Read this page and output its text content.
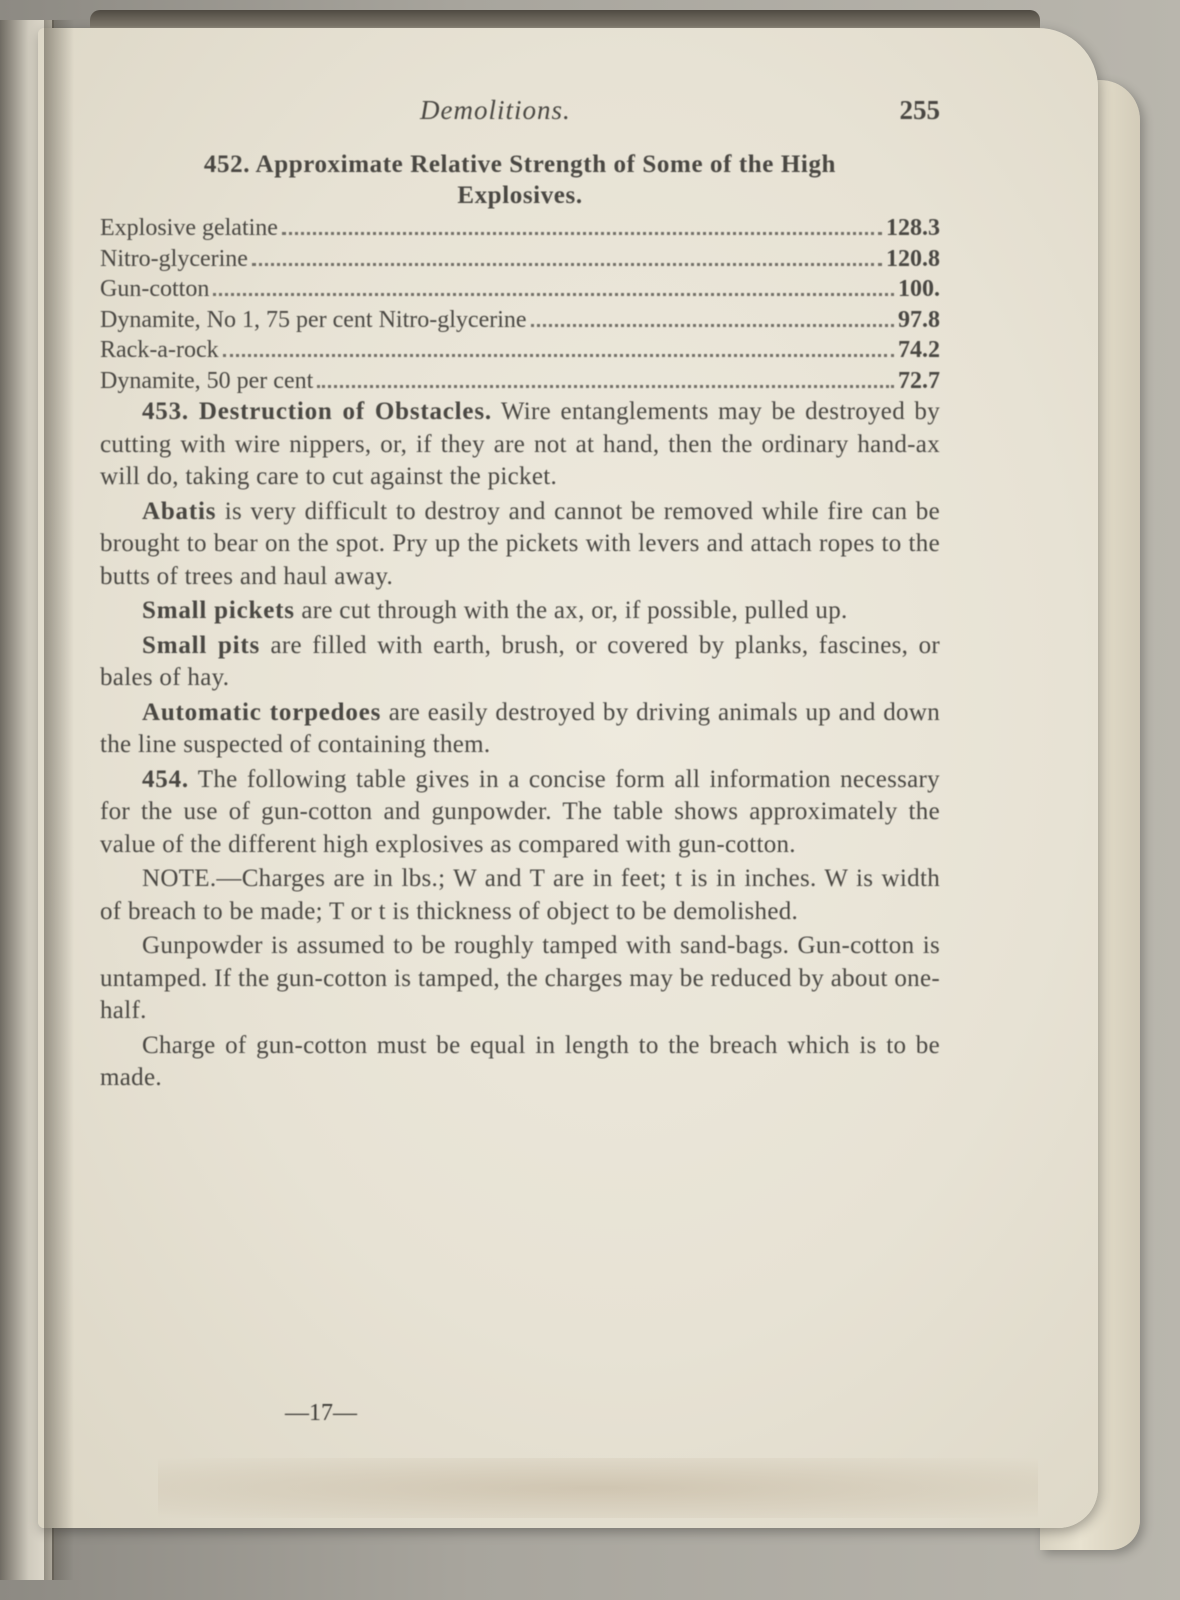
Demolitions.	255
452. Approximate Relative Strength of Some of the High
Explosives.
Explosive gelatine	128.3
Nitro-glycerine	120.8
Gun-cotton	100.
Dynamite, No 1, 75 per cent Nitro-glycerine	97.8
Rack-a-rock	74.2
Dynamite, 50 per cent	72.7

453. Destruction of Obstacles. Wire entanglements may be destroyed by cutting with wire nippers, or, if they are not at hand, then the ordinary hand-ax will do, taking care to cut against the picket.

Abatis is very difficult to destroy and cannot be removed while fire can be brought to bear on the spot. Pry up the pickets with levers and attach ropes to the butts of trees and haul away.

Small pickets are cut through with the ax, or, if possible, pulled up.

Small pits are filled with earth, brush, or covered by planks, fascines, or bales of hay.

Automatic torpedoes are easily destroyed by driving animals up and down the line suspected of containing them.

454. The following table gives in a concise form all information necessary for the use of gun-cotton and gunpowder. The table shows approximately the value of the different high explosives as compared with gun-cotton.

NOTE.—Charges are in lbs.; W and T are in feet; t is in inches. W is width of breach to be made; T or t is thickness of object to be demolished.

Gunpowder is assumed to be roughly tamped with sand-bags. Gun-cotton is untamped. If the gun-cotton is tamped, the charges may be reduced by about one-half.

Charge of gun-cotton must be equal in length to the breach which is to be made.

—17—
